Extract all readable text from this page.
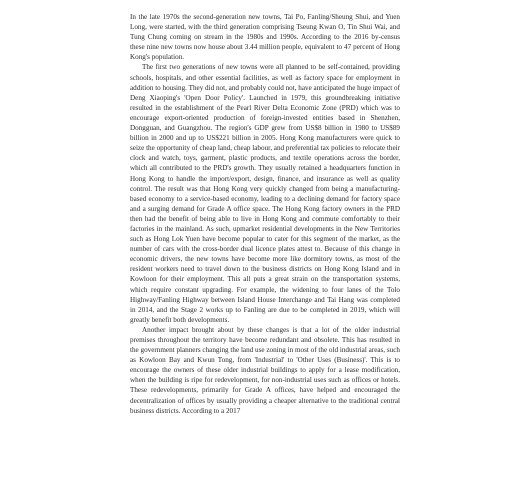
In the late 1970s the second-generation new towns, Tai Po, Fanling/Sheung Shui, and Yuen Long, were started, with the third generation comprising Tseung Kwan O, Tin Shui Wai, and Tung Chung coming on stream in the 1980s and 1990s. According to the 2016 by-census these nine new towns now house about 3.44 million people, equivalent to 47 percent of Hong Kong's population.

The first two generations of new towns were all planned to be self-contained, providing schools, hospitals, and other essential facilities, as well as factory space for employment in addition to housing. They did not, and probably could not, have anticipated the huge impact of Deng Xiaoping's 'Open Door Policy'. Launched in 1979, this groundbreaking initiative resulted in the establishment of the Pearl River Delta Economic Zone (PRD) which was to encourage export-oriented production of foreign-invested entities based in Shenzhen, Dongguan, and Guangzhou. The region's GDP grew from US$8 billion in 1980 to US$89 billion in 2000 and up to US$221 billion in 2005. Hong Kong manufacturers were quick to seize the opportunity of cheap land, cheap labour, and preferential tax policies to relocate their clock and watch, toys, garment, plastic products, and textile operations across the border, which all contributed to the PRD's growth. They usually retained a headquarters function in Hong Kong to handle the import/export, design, finance, and insurance as well as quality control. The result was that Hong Kong very quickly changed from being a manufacturing-based economy to a service-based economy, leading to a declining demand for factory space and a surging demand for Grade A office space. The Hong Kong factory owners in the PRD then had the benefit of being able to live in Hong Kong and commute comfortably to their factories in the mainland. As such, upmarket residential developments in the New Territories such as Hong Lok Yuen have become popular to cater for this segment of the market, as the number of cars with the cross-border dual licence plates attest to. Because of this change in economic drivers, the new towns have become more like dormitory towns, as most of the resident workers need to travel down to the business districts on Hong Kong Island and in Kowloon for their employment. This all puts a great strain on the transportation systems, which require constant upgrading. For example, the widening to four lanes of the Tolo Highway/Fanling Highway between Island House Interchange and Tai Hang was completed in 2014, and the Stage 2 works up to Fanling are due to be completed in 2019, which will greatly benefit both developments.

Another impact brought about by these changes is that a lot of the older industrial premises throughout the territory have become redundant and obsolete. This has resulted in the government planners changing the land use zoning in most of the old industrial areas, such as Kowloon Bay and Kwun Tong, from 'Industrial' to 'Other Uses (Business)'. This is to encourage the owners of these older industrial buildings to apply for a lease modification, when the building is ripe for redevelopment, for non-industrial uses such as offices or hotels. These redevelopments, primarily for Grade A offices, have helped and encouraged the decentralization of offices by usually providing a cheaper alternative to the traditional central business districts. According to a 2017
